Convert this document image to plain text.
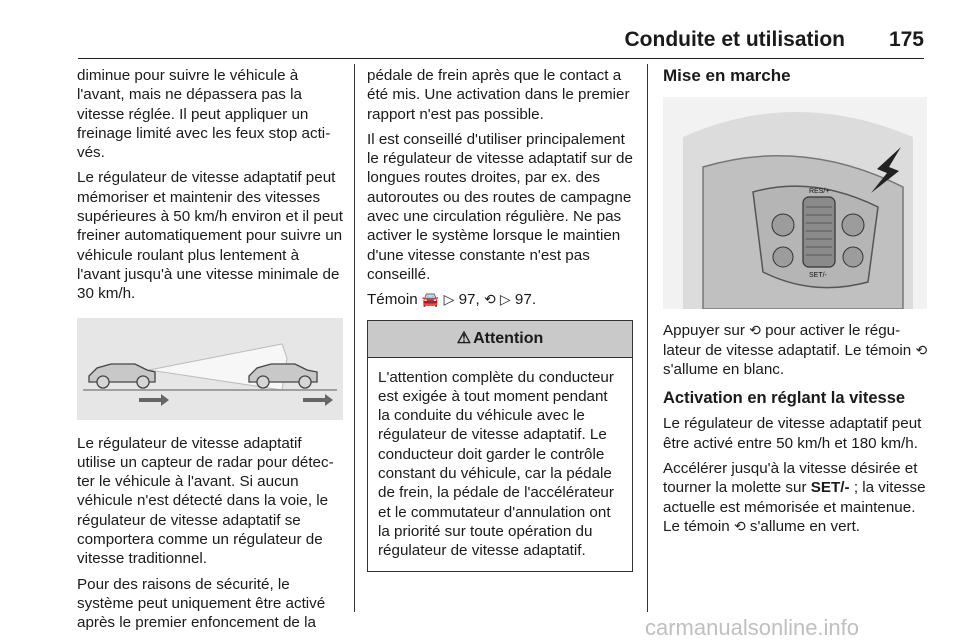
Conduite et utilisation 175

diminue pour suivre le véhicule à l'avant, mais ne dépassera pas la vitesse réglée. Il peut appliquer un freinage limité avec les feux stop activés.

Le régulateur de vitesse adaptatif peut mémoriser et maintenir des vitesses supérieures à 50 km/h environ et il peut freiner automatiquement pour suivre un véhicule roulant plus lentement à l'avant jusqu'à une vitesse minimale de 30 km/h.

Le régulateur de vitesse adaptatif utilise un capteur de radar pour détecter le véhicule à l'avant. Si aucun véhicule n'est détecté dans la voie, le régulateur de vitesse adaptatif se comportera comme un régulateur de vitesse traditionnel.

Pour des raisons de sécurité, le système peut uniquement être activé après le premier enfoncement de la

pédale de frein après que le contact a été mis. Une activation dans le premier rapport n'est pas possible.

Il est conseillé d'utiliser principalement le régulateur de vitesse adaptatif sur de longues routes droites, par ex. des autoroutes ou des routes de campagne avec une circulation régulière. Ne pas activer le système lorsque le maintien d'une vitesse constante n'est pas conseillé.

Témoin 🚘 ▷ 97, ⟲ ▷ 97.

⚠ Attention
L'attention complète du conducteur est exigée à tout moment pendant la conduite du véhicule avec le régulateur de vitesse adaptatif. Le conducteur doit garder le contrôle constant du véhicule, car la pédale de frein, la pédale de l'accélérateur et le commutateur d'annulation ont la priorité sur toute opération du régulateur de vitesse adaptatif.
Mise en marche
RES/+
SET/-

Appuyer sur ⟲ pour activer le régulateur de vitesse adaptatif. Le témoin ⟲ s'allume en blanc.

Activation en réglant la vitesse

Le régulateur de vitesse adaptatif peut être activé entre 50 km/h et 180 km/h.

Accélérer jusqu'à la vitesse désirée et tourner la molette sur SET/- ; la vitesse actuelle est mémorisée et maintenue. Le témoin ⟲ s'allume en vert.

carmanualsonline.info
